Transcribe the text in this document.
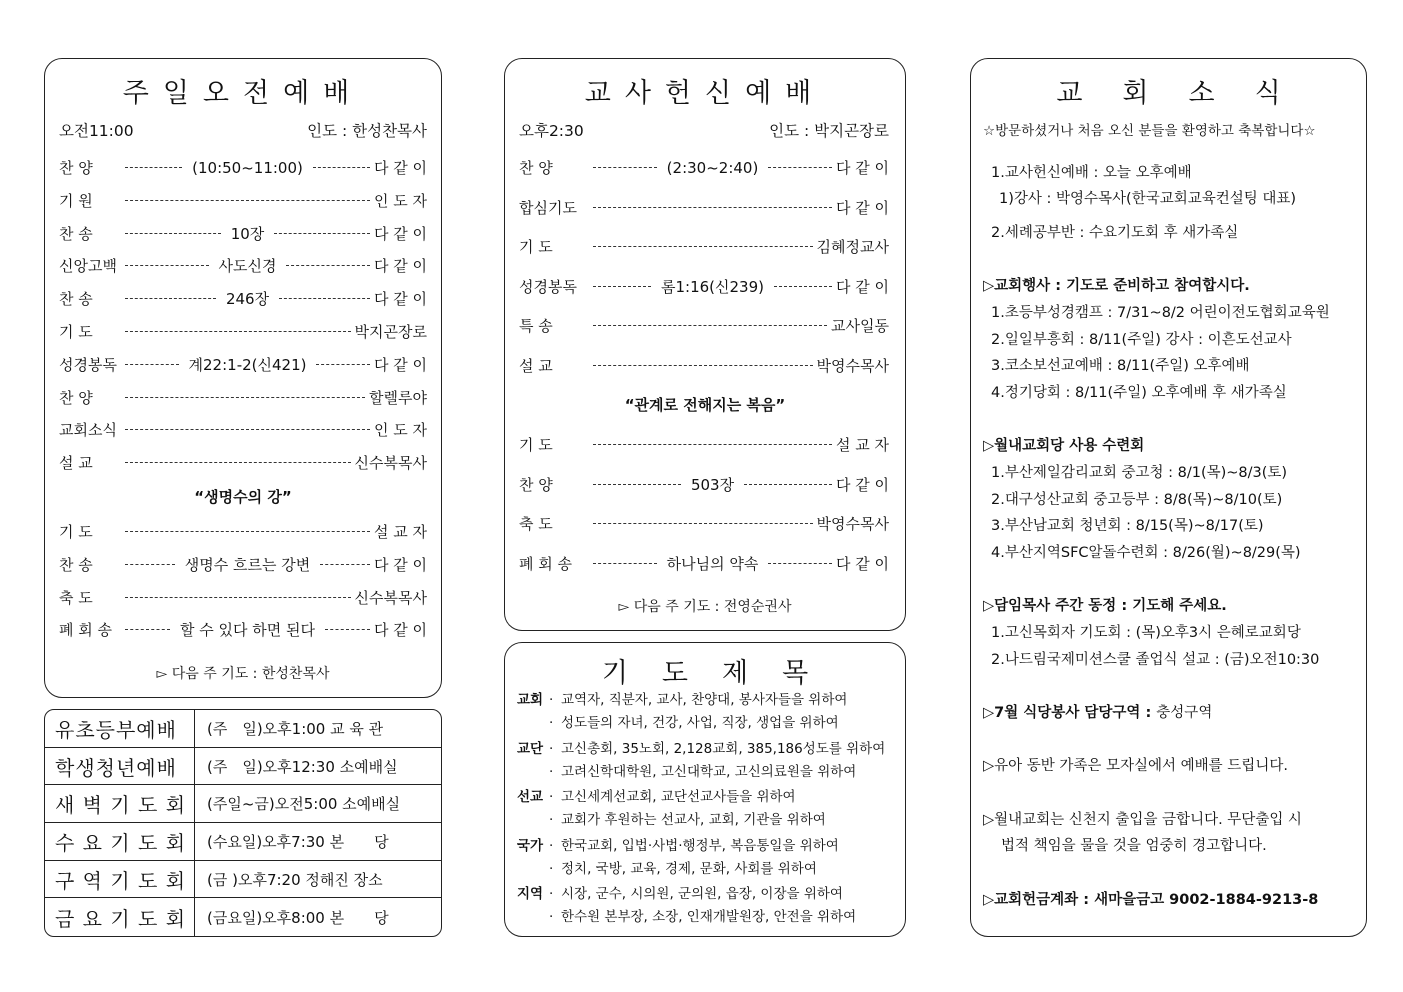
주일오전예배
오전11:00	인도 : 한성찬목사
찬 양	(10:50~11:00)	다 같 이
기 원	인 도 자
찬 송	10장	다 같 이
신앙고백	사도신경	다 같 이
찬 송	246장	다 같 이
기 도	박지곤장로
성경봉독	계22:1-2(신421)	다 같 이
찬 양	할렐루야
교회소식	인 도 자
설 교	신수복목사
“생명수의 강”
기 도	설 교 자
찬 송	생명수 흐르는 강변	다 같 이
축 도	신수복목사
폐 회 송	할 수 있다 하면 된다	다 같 이
▻ 다음 주 기도 : 한성찬목사
유초등부예배	(주　일)오후1:00 교 육 관
학생청년예배	(주　일)오후12:30 소예배실
새 벽 기 도 회	(주일~금)오전5:00 소예배실
수 요 기 도 회	(수요일)오후7:30 본　　당
구 역 기 도 회	(금 )오후7:20 정해진 장소
금 요 기 도 회	(금요일)오후8:00 본　　당
교사헌신예배
오후2:30	인도 : 박지곤장로
찬 양	(2:30~2:40)	다 같 이
합심기도	다 같 이
기 도	김혜정교사
성경봉독	롬1:16(신239)	다 같 이
특 송	교사일동
설 교	박영수목사
“관계로 전해지는 복음”
기 도	설 교 자
찬 양	503장	다 같 이
축 도	박영수목사
폐 회 송	하나님의 약속	다 같 이
▻ 다음 주 기도 : 전영순권사
기도제목
교회 · 교역자, 직분자, 교사, 찬양대, 봉사자들을 위하여
· 성도들의 자녀, 건강, 사업, 직장, 생업을 위하여
교단 · 고신총회, 35노회, 2,128교회, 385,186성도를 위하여
· 고려신학대학원, 고신대학교, 고신의료원을 위하여
선교 · 고신세계선교회, 교단선교사들을 위하여
· 교회가 후원하는 선교사, 교회, 기관을 위하여
국가 · 한국교회, 입법·사법·행정부, 복음통일을 위하여
· 정치, 국방, 교육, 경제, 문화, 사회를 위하여
지역 · 시장, 군수, 시의원, 군의원, 읍장, 이장을 위하여
· 한수원 본부장, 소장, 인재개발원장, 안전을 위하여
교회소식
☆방문하셨거나 처음 오신 분들을 환영하고 축복합니다☆
1.교사헌신예배 : 오늘 오후예배
1)강사 : 박영수목사(한국교회교육컨설팅 대표)
2.세례공부반 : 수요기도회 후 새가족실
▷교회행사 : 기도로 준비하고 참여합시다.
1.초등부성경캠프 : 7/31~8/2 어린이전도협회교육원
2.일일부흥회 : 8/11(주일) 강사 : 이흔도선교사
3.코소보선교예배 : 8/11(주일) 오후예배
4.정기당회 : 8/11(주일) 오후예배 후 새가족실
▷월내교회당 사용 수련회
1.부산제일감리교회 중고청 : 8/1(목)~8/3(토)
2.대구성산교회 중고등부 : 8/8(목)~8/10(토)
3.부산남교회 청년회 : 8/15(목)~8/17(토)
4.부산지역SFC알돌수련회 : 8/26(월)~8/29(목)
▷담임목사 주간 동정 : 기도해 주세요.
1.고신목회자 기도회 : (목)오후3시 은혜로교회당
2.나드림국제미션스쿨 졸업식 설교 : (금)오전10:30
▷7월 식당봉사 담당구역 : 충성구역
▷유아 동반 가족은 모자실에서 예배를 드립니다.
▷월내교회는 신천지 출입을 금합니다. 무단출입 시
법적 책임을 물을 것을 엄중히 경고합니다.
▷교회헌금계좌 : 새마을금고 9002-1884-9213-8
